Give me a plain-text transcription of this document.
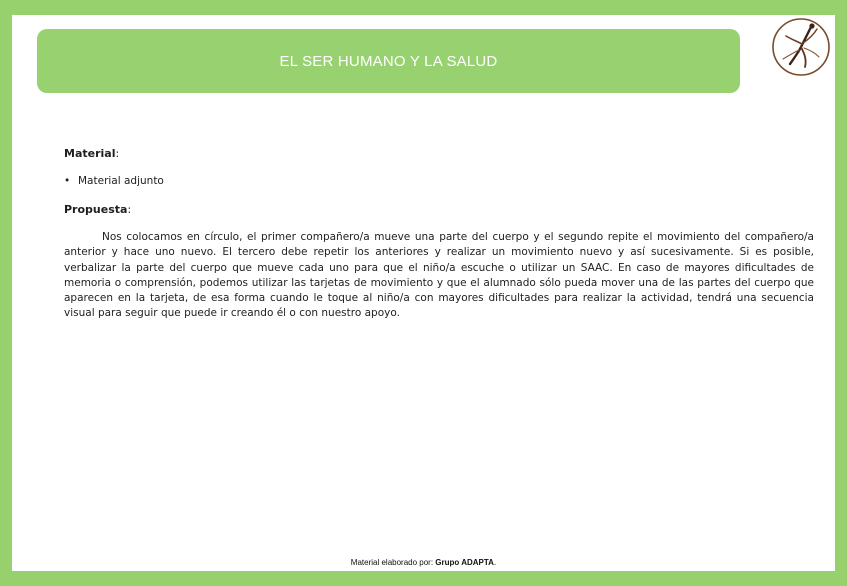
EL SER HUMANO Y LA SALUD

Material:

• Material adjunto

Propuesta:

Nos colocamos en círculo, el primer compañero/a mueve una parte del cuerpo y el segundo repite el movimiento del compañero/a anterior y hace uno nuevo. El tercero debe repetir los anteriores y realizar un movimiento nuevo y así sucesivamente. Si es posible, verbalizar la parte del cuerpo que mueve cada uno para que el niño/a escuche o utilizar un SAAC. En caso de mayores dificultades de memoria o comprensión, podemos utilizar las tarjetas de movimiento y que el alumnado sólo pueda mover una de las partes del cuerpo que aparecen en la tarjeta, de esa forma cuando le toque al niño/a con mayores dificultades para realizar la actividad, tendrá una secuencia visual para seguir que puede ir creando él o con nuestro apoyo.

Material elaborado por: Grupo ADAPTA.
